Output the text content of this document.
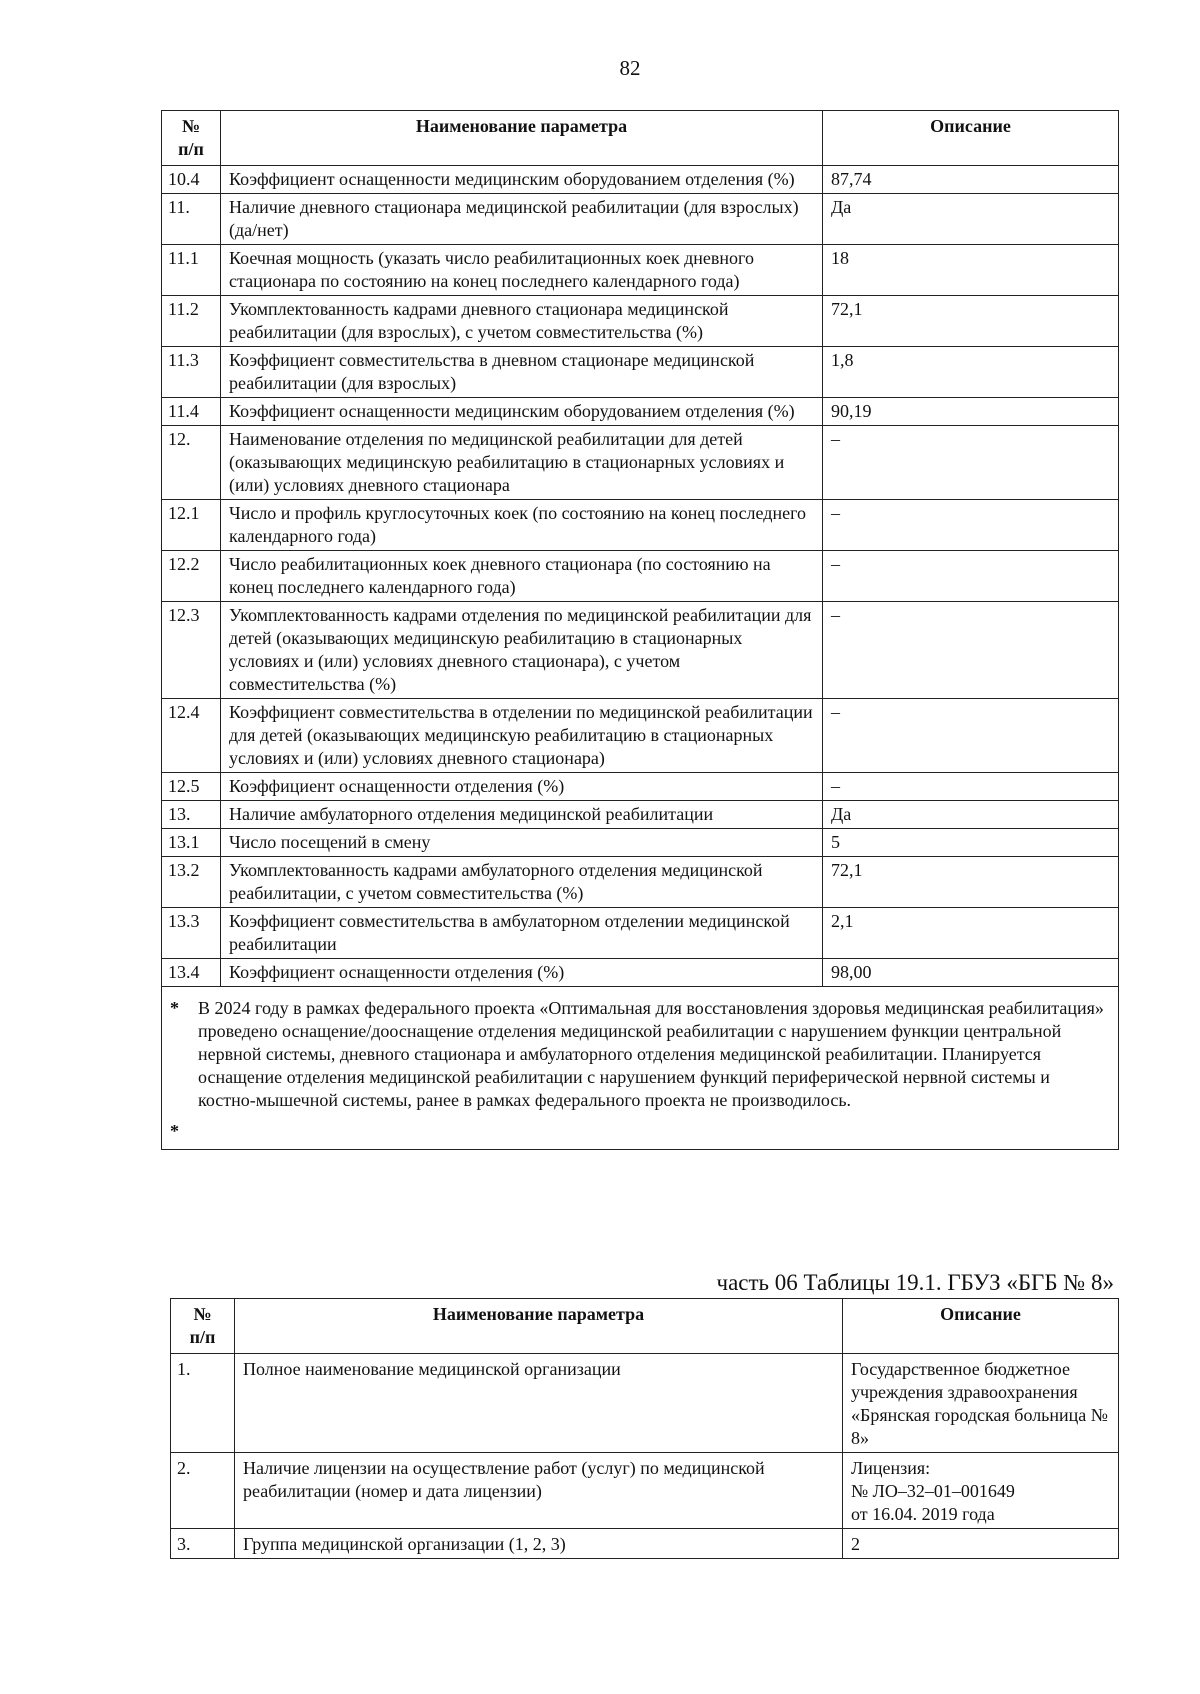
82
№
п/п	Наименование параметра	Описание
10.4	Коэффициент оснащенности медицинским оборудованием отделения (%)	87,74
11.	Наличие дневного стационара медицинской реабилитации (для взрослых) (да/нет)	Да
11.1	Коечная мощность (указать число реабилитационных коек дневного стационара по состоянию на конец последнего календарного года)	18
11.2	Укомплектованность кадрами дневного стационара медицинской реабилитации (для взрослых), с учетом совместительства (%)	72,1
11.3	Коэффициент совместительства в дневном стационаре медицинской реабилитации (для взрослых)	1,8
11.4	Коэффициент оснащенности медицинским оборудованием отделения (%)	90,19
12.	Наименование отделения по медицинской реабилитации для детей (оказывающих медицинскую реабилитацию в стационарных условиях и (или) условиях дневного стационара	–
12.1	Число и профиль круглосуточных коек (по состоянию на конец последнего календарного года)	–
12.2	Число реабилитационных коек дневного стационара (по состоянию на конец последнего календарного года)	–
12.3	Укомплектованность кадрами отделения по медицинской реабилитации для детей (оказывающих медицинскую реабилитацию в стационарных условиях и (или) условиях дневного стационара), с учетом совместительства (%)	–
12.4	Коэффициент совместительства в отделении по медицинской реабилитации для детей (оказывающих медицинскую реабилитацию в стационарных условиях и (или) условиях дневного стационара)	–
12.5	Коэффициент оснащенности отделения (%)	–
13.	Наличие амбулаторного отделения медицинской реабилитации	Да
13.1	Число посещений в смену	5
13.2	Укомплектованность кадрами амбулаторного отделения медицинской реабилитации, с учетом совместительства (%)	72,1
13.3	Коэффициент совместительства в амбулаторном отделении медицинской реабилитации	2,1
13.4	Коэффициент оснащенности отделения (%)	98,00

* В 2024 году в рамках федерального проекта «Оптимальная для восстановления здоровья медицинская реабилитация» проведено оснащение/дооснащение отделения медицинской реабилитации с нарушением функции центральной нервной системы, дневного стационара и амбулаторного отделения медицинской реабилитации. Планируется оснащение отделения медицинской реабилитации с нарушением функций периферической нервной системы и костно-мышечной системы, ранее в рамках федерального проекта не производилось.
*		
часть 06 Таблицы 19.1. ГБУЗ «БГБ № 8»
№
п/п	Наименование параметра	Описание
1.	Полное наименование медицинской организации	Государственное бюджетное учреждения здравоохранения «Брянская городская больница № 8»
2.	Наличие лицензии на осуществление работ (услуг) по медицинской реабилитации (номер и дата лицензии)	Лицензия:
№ ЛО–32–01–001649
от 16.04. 2019 года
3.	Группа медицинской организации (1, 2, 3)	2
